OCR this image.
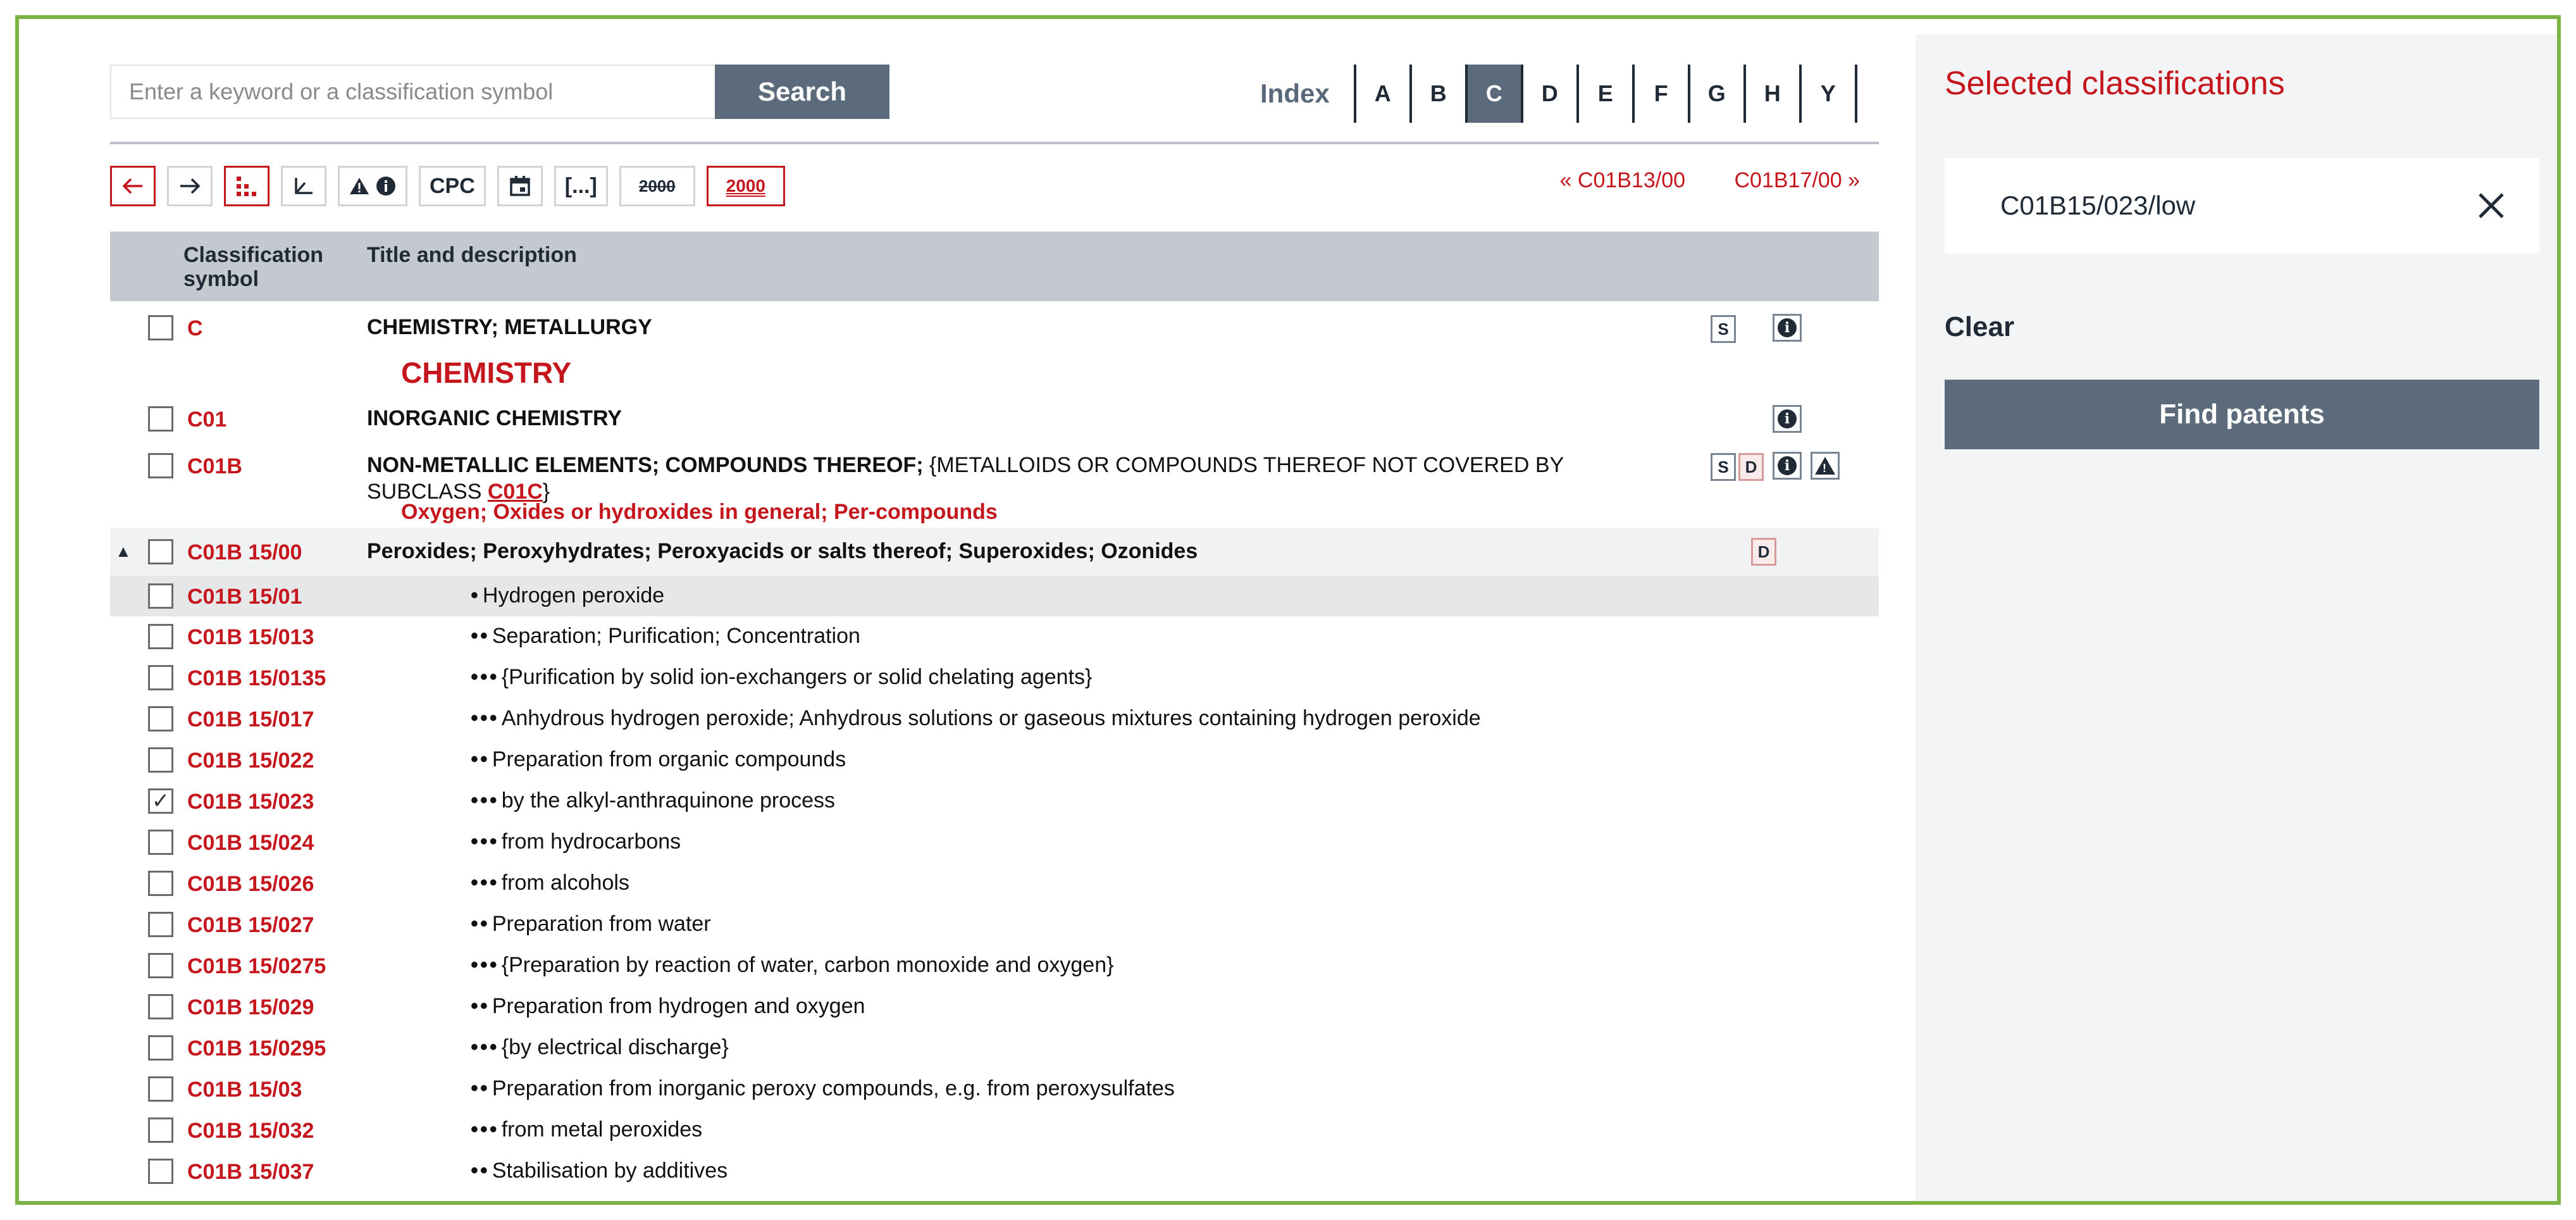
Enter a keyword or a classification symbol
Search	Index	A	B	C	D	E	F	G	H	Y
CPC	[...]	2000	2000	« C01B13/00 C01B17/00 »
Classification symbol
Title and description
C	CHEMISTRY; METALLURGY	S	i
CHEMISTRY
C01	INORGANIC CHEMISTRY	i
C01B	NON-METALLIC ELEMENTS; COMPOUNDS THEREOF; {METALLOIDS OR COMPOUNDS THEREOF NOT COVERED BY
SUBCLASS C01C}
S D	i	!
Oxygen; Oxides or hydroxides in general; Per-compounds
▲	C01B 15/00	Peroxides; Peroxyhydrates; Peroxyacids or salts thereof; Superoxides; Ozonides	D
C01B 15/01	• Hydrogen peroxide
C01B 15/013	•• Separation; Purification; Concentration
C01B 15/0135	••• {Purification by solid ion-exchangers or solid chelating agents}
C01B 15/017	••• Anhydrous hydrogen peroxide; Anhydrous solutions or gaseous mixtures containing hydrogen peroxide
C01B 15/022	•• Preparation from organic compounds
✓ C01B 15/023	••• by the alkyl-anthraquinone process
C01B 15/024	••• from hydrocarbons
C01B 15/026	••• from alcohols
C01B 15/027	•• Preparation from water
C01B 15/0275	••• {Preparation by reaction of water, carbon monoxide and oxygen}
C01B 15/029	•• Preparation from hydrogen and oxygen
C01B 15/0295	••• {by electrical discharge}
C01B 15/03	•• Preparation from inorganic peroxy compounds, e.g. from peroxysulfates
C01B 15/032	••• from metal peroxides
C01B 15/037	•• Stabilisation by additives
Selected classifications
C01B15/023/low
Clear
Find patents
